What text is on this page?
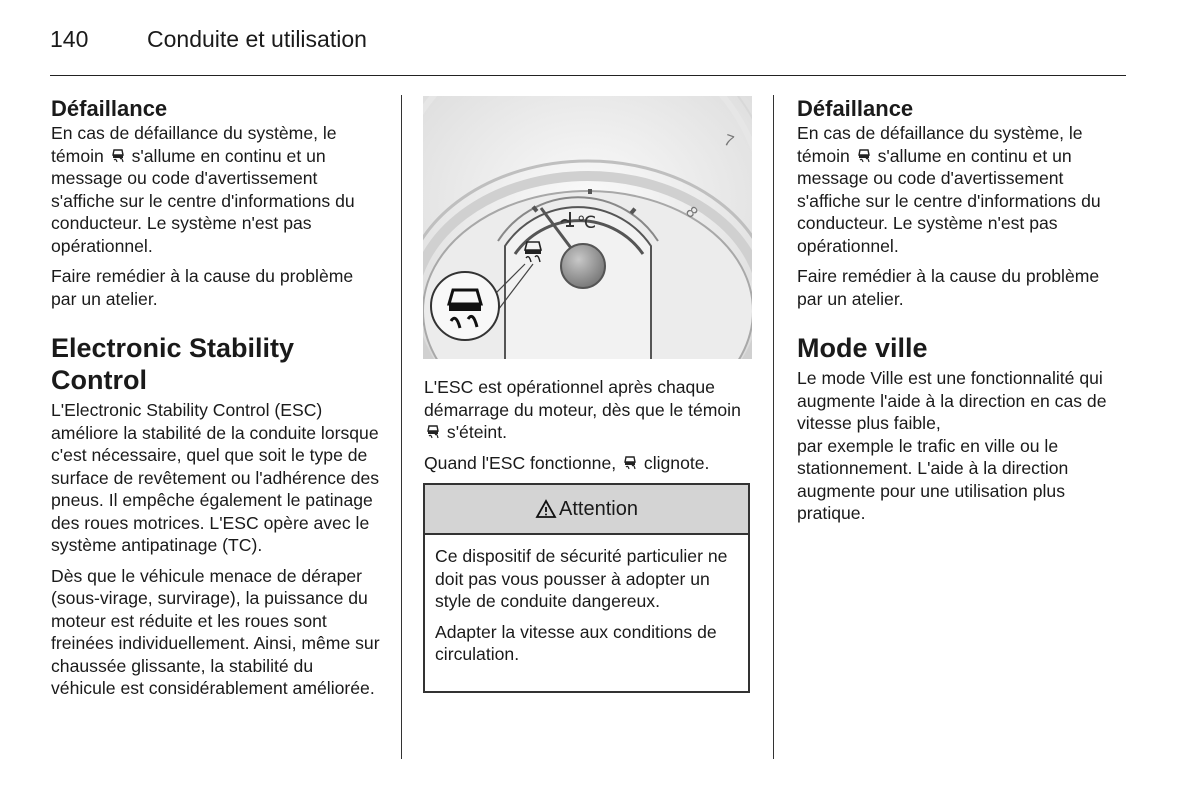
140	Conduite et utilisation
Défaillance

En cas de défaillance du système, le témoin s'allume en continu et un message ou code d'avertissement s'affiche sur le centre d'informations du conducteur. Le système n'est pas opérationnel.

Faire remédier à la cause du problème par un atelier.

Electronic Stability Control

L'Electronic Stability Control (ESC) améliore la stabilité de la conduite lorsque c'est nécessaire, quel que soit le type de surface de revêtement ou l'adhérence des pneus. Il empêche également le patinage des roues motrices. L'ESC opère avec le système antipatinage (TC).

Dès que le véhicule menace de déraper (sous-virage, survirage), la puissance du moteur est réduite et les roues sont freinées individuellement. Ainsi, même sur chaussée glissante, la stabilité du véhicule est considérablement améliorée.

7
8
℃

L'ESC est opérationnel après chaque démarrage du moteur, dès que le témoin  s'éteint.

Quand l'ESC fonctionne, clignote.

Attention

Ce dispositif de sécurité particulier ne doit pas vous pousser à adopter un style de conduite dangereux.

Adapter la vitesse aux conditions de circulation.

Défaillance

En cas de défaillance du système, le témoin s'allume en continu et un message ou code d'avertissement s'affiche sur le centre d'informations du conducteur. Le système n'est pas opérationnel.

Faire remédier à la cause du problème par un atelier.

Mode ville

Le mode Ville est une fonctionnalité qui augmente l'aide à la direction en cas de vitesse plus faible,
par exemple le trafic en ville ou le stationnement. L'aide à la direction augmente pour une utilisation plus pratique.
